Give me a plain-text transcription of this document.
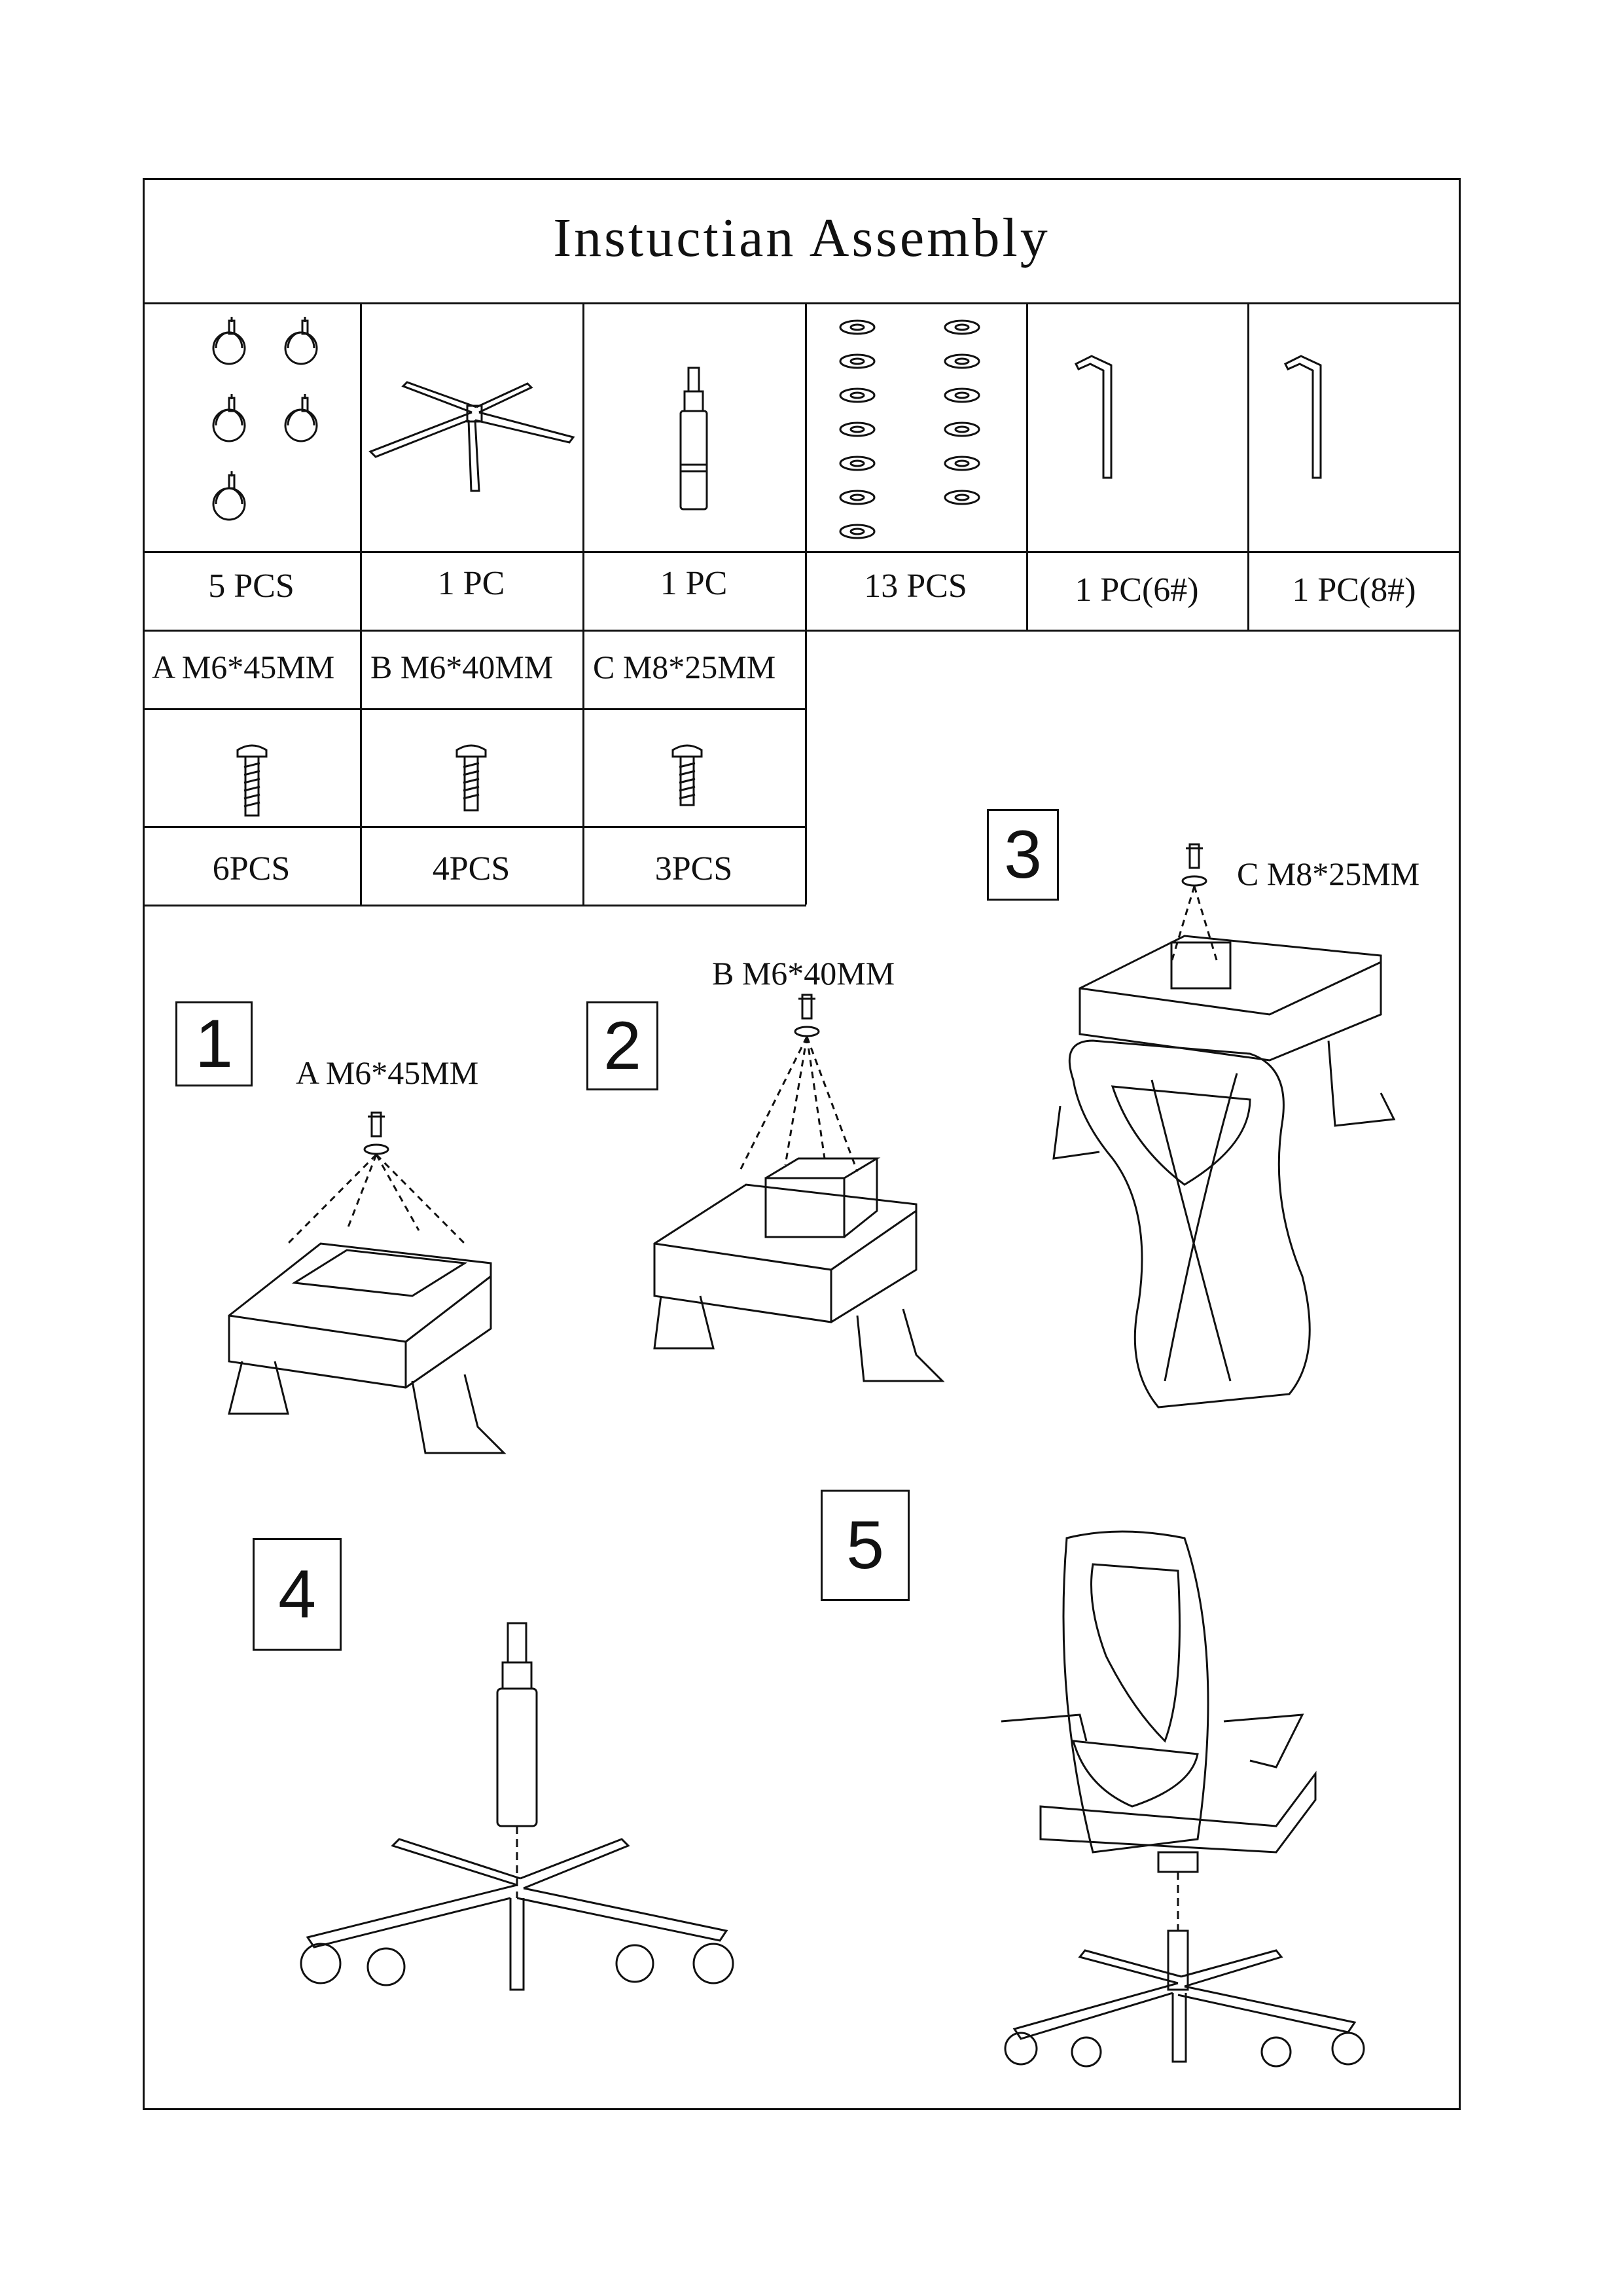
Instuctian Assembly
5 PCS	1 PC	1 PC	13 PCS	1 PC(6#)	1 PC(8#)
A M6*45MM B M6*40MM C M8*25MM
6PCS	4PCS	3PCS
1	2
3
4
5
A M6*45MM
B M6*40MM
C M8*25MM
